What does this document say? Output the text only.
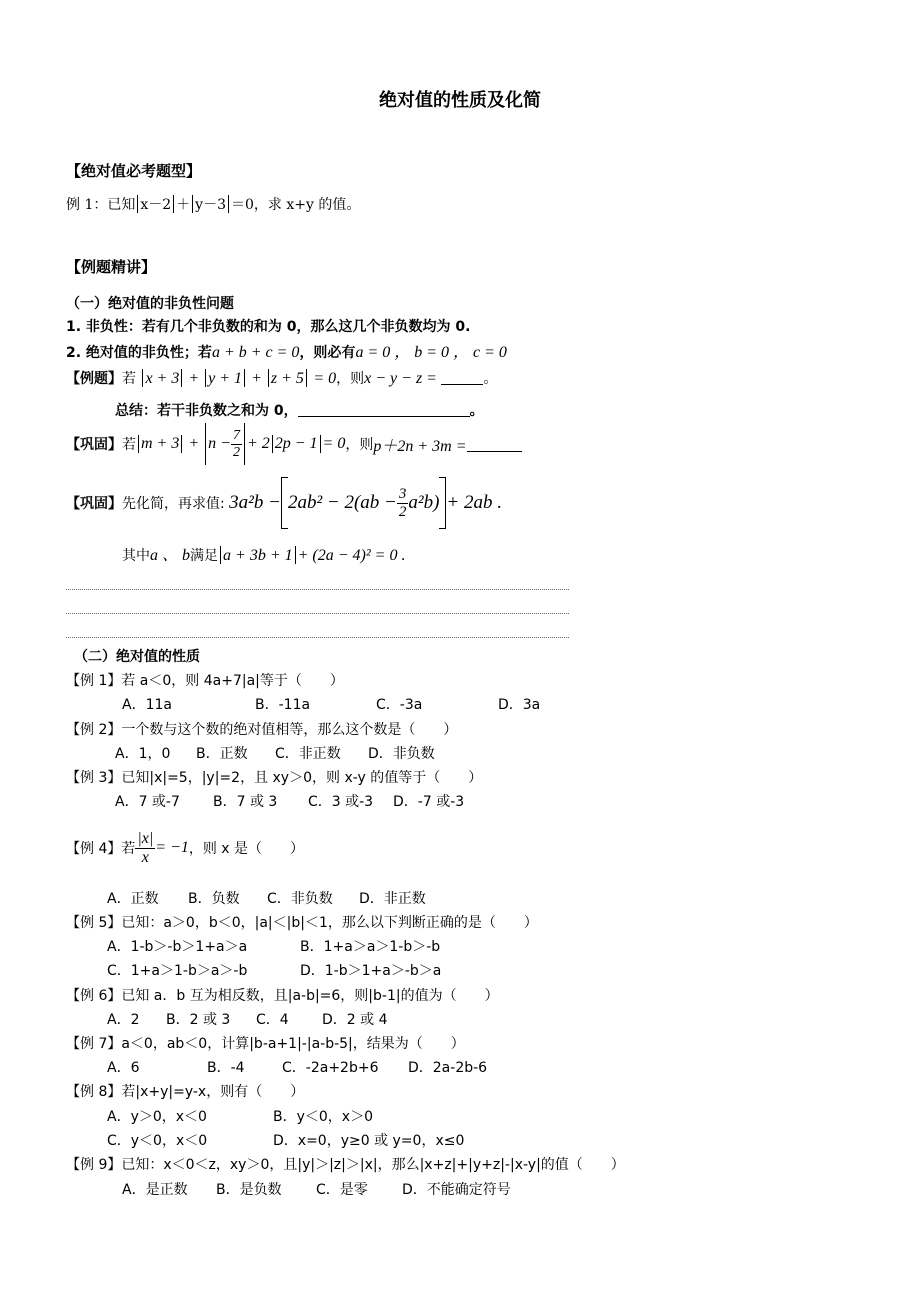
绝对值的性质及化简
【绝对值必考题型】
例 1：已知 x－2 ＋ y－3 ＝0，求 x+y 的值。
【例题精讲】
（一）绝对值的非负性问题
1. 非负性：若有几个非负数的和为 0，那么这几个非负数均为 0.
2. 绝对值的非负性；若a + b + c = 0，则必有a = 0 ， b = 0 ， c = 0
【例题】若 x + 3 + y + 1 + z + 5 = 0，则x − y − z =	。
总结：若干非负数之和为 0，	。
【巩固】 若 $m + 3 + n - \frac{7}{2} + 2$ 2p − 1 = 0 ，则 p＋2n + 3m =
【巩固】 先化简，再求值:
$3a^2b - 2ab^2 - 2(ab - \frac{3}{2} a^2b) + 2ab$ .
其中a 、 b满足 a + 3b + 1 + (2a − 4)² = 0 .
（二）绝对值的性质
【例 1】若 a＜0，则 4a+7|a|等于（　　）
A．11a	B．-11a	C．-3a	D．3a
【例 2】一个数与这个数的绝对值相等，那么这个数是（　　）
A．1，0 B．正数 C．非正数 D．非负数
【例 3】已知|x|=5，|y|=2，且 xy＞0，则 x-y 的值等于（　　）
A．7 或-7 B．7 或 3 C．3 或-3 D．-7 或-3
【例 4】若 $\frac{|x|}{x} = -1$ ，则 x 是（　　）
A．正数 B．负数 C．非负数 D．非正数
【例 5】已知：a＞0，b＜0，|a|＜|b|＜1，那么以下判断正确的是（　　）
A．1-b＞-b＞1+a＞a	B．1+a＞a＞1-b＞-b
C．1+a＞1-b＞a＞-b	D．1-b＞1+a＞-b＞a
【例 6】已知 a．b 互为相反数，且|a-b|=6，则|b-1|的值为（　　）
A．2 B．2 或 3 C．4 D．2 或 4
【例 7】a＜0，ab＜0，计算|b-a+1|-|a-b-5|，结果为（　　）
A．6	B．-4	C．-2a+2b+6 D．2a-2b-6
【例 8】若|x+y|=y-x，则有（　　）
A．y＞0，x＜0	B．y＜0，x＞0
C．y＜0，x＜0	D．x=0，y≥0 或 y=0，x≤0
【例 9】已知：x＜0＜z，xy＞0，且|y|＞|z|＞|x|，那么|x+z|+|y+z|-|x-y|的值（　　）
A．是正数 B．是负数 C．是零 D．不能确定符号
